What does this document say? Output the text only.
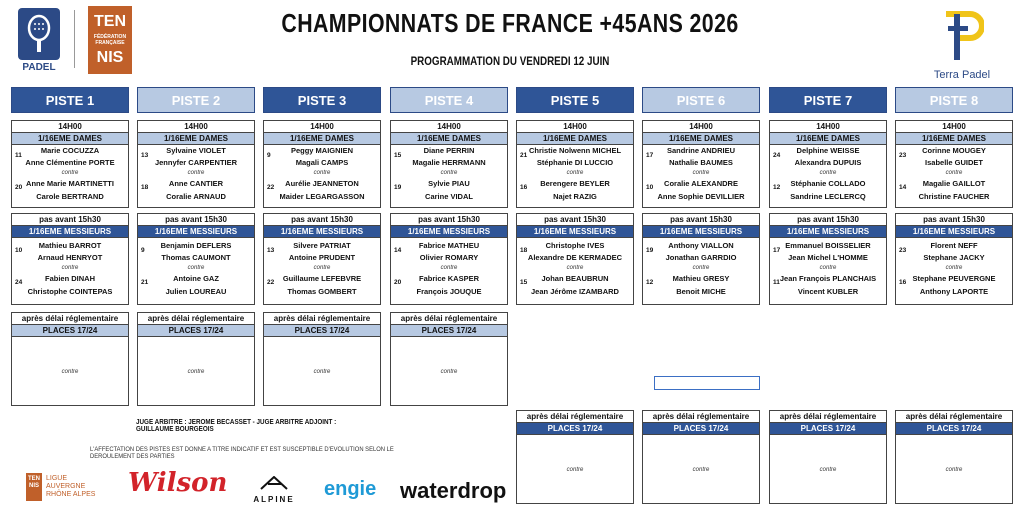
CHAMPIONNATS DE FRANCE +45ANS 2026
PROGRAMMATION DU VENDREDI 12 JUIN
PADEL
TEN
FÉDÉRATION FRANÇAISE
NIS
Terra Padel
PISTE 1
14H00
1/16EME DAMES
11
Marie COCUZZA
Anne Clémentine PORTE
contre
20 Anne Marie MARTINETTI
Carole BERTRAND
pas avant 15h30
1/16EME MESSIEURS
10
Mathieu BARROT
Arnaud HENRYOT
contre
24	Fabien DINAH
Christophe COINTEPAS
après délai réglementaire
PLACES 17/24
contre
PISTE 2
14H00
1/16EME DAMES
13
Sylvaine VIOLET
Jennyfer CARPENTIER
contre
18	Anne CANTIER
Coralie ARNAUD
pas avant 15h30
1/16EME MESSIEURS
9
Benjamin DEFLERS
Thomas CAUMONT
contre
21	Antoine GAZ
Julien LOUREAU
après délai réglementaire
PLACES 17/24
contre
PISTE 3
14H00
1/16EME DAMES
9
Peggy MAIGNIEN
Magali CAMPS
contre
22	Aurélie JEANNETON
Maider LEGARGASSON
pas avant 15h30
1/16EME MESSIEURS
13
Silvere PATRIAT
Antoine PRUDENT
contre
22	Guillaume LEFEBVRE
Thomas GOMBERT
après délai réglementaire
PLACES 17/24
contre
PISTE 4
14H00
1/16EME DAMES
15
Diane PERRIN
Magalie HERRMANN
contre
19	Sylvie PIAU
Carine VIDAL
pas avant 15h30
1/16EME MESSIEURS
14
Fabrice MATHEU
Olivier ROMARY
contre
20	Fabrice KASPER
François JOUQUE
après délai réglementaire
PLACES 17/24
contre
PISTE 5
14H00
1/16EME DAMES
21
Christie Nolwenn MICHEL
Stéphanie DI LUCCIO
contre
16	Berengere BEYLER
Najet RAZIG
pas avant 15h30
1/16EME MESSIEURS
18
Christophe IVES
Alexandre DE KERMADEC
contre
15	Johan BEAUBRUN
Jean Jérôme IZAMBARD
après délai réglementaire
PLACES 17/24
contre
PISTE 6
14H00
1/16EME DAMES
17
Sandrine ANDRIEU
Nathalie BAUMES
contre
10	Coralie ALEXANDRE
Anne Sophie DEVILLIER
pas avant 15h30
1/16EME MESSIEURS
19
Anthony VIALLON
Jonathan GARRDIO
contre
12	Mathieu GRESY
Benoit MICHE
après délai réglementaire
PLACES 17/24
contre
PISTE 7
14H00
1/16EME DAMES
24
Delphine WEISSE
Alexandra DUPUIS
contre
12	Stéphanie COLLADO
Sandrine LECLERCQ
pas avant 15h30
1/16EME MESSIEURS
17
Emmanuel BOISSELIER
Jean Michel L'HOMME
contre
11 Jean François PLANCHAIS
Vincent KUBLER
après délai réglementaire
PLACES 17/24
contre
PISTE 8
14H00
1/16EME DAMES
23
Corinne MOUGEY
Isabelle GUIDET
contre
14	Magalie GAILLOT
Christine FAUCHER
pas avant 15h30
1/16EME MESSIEURS
23
Florent NEFF
Stephane JACKY
contre
16 Stephane PEUVERGNE
Anthony LAPORTE
après délai réglementaire
PLACES 17/24
contre
JUGE ARBITRE : JEROME BECASSET - JUGE ARBITRE ADJOINT : GUILLAUME BOURGEOIS
L'AFFECTATION DES PISTES EST DONNE A TITRE INDICATIF ET EST SUSCEPTIBLE D'EVOLUTION SELON LE DEROULEMENT DES PARTIES
TEN NIS
LIGUE
AUVERGNE
RHÔNE ALPES Wilson
ALPINE	engie waterdrop
